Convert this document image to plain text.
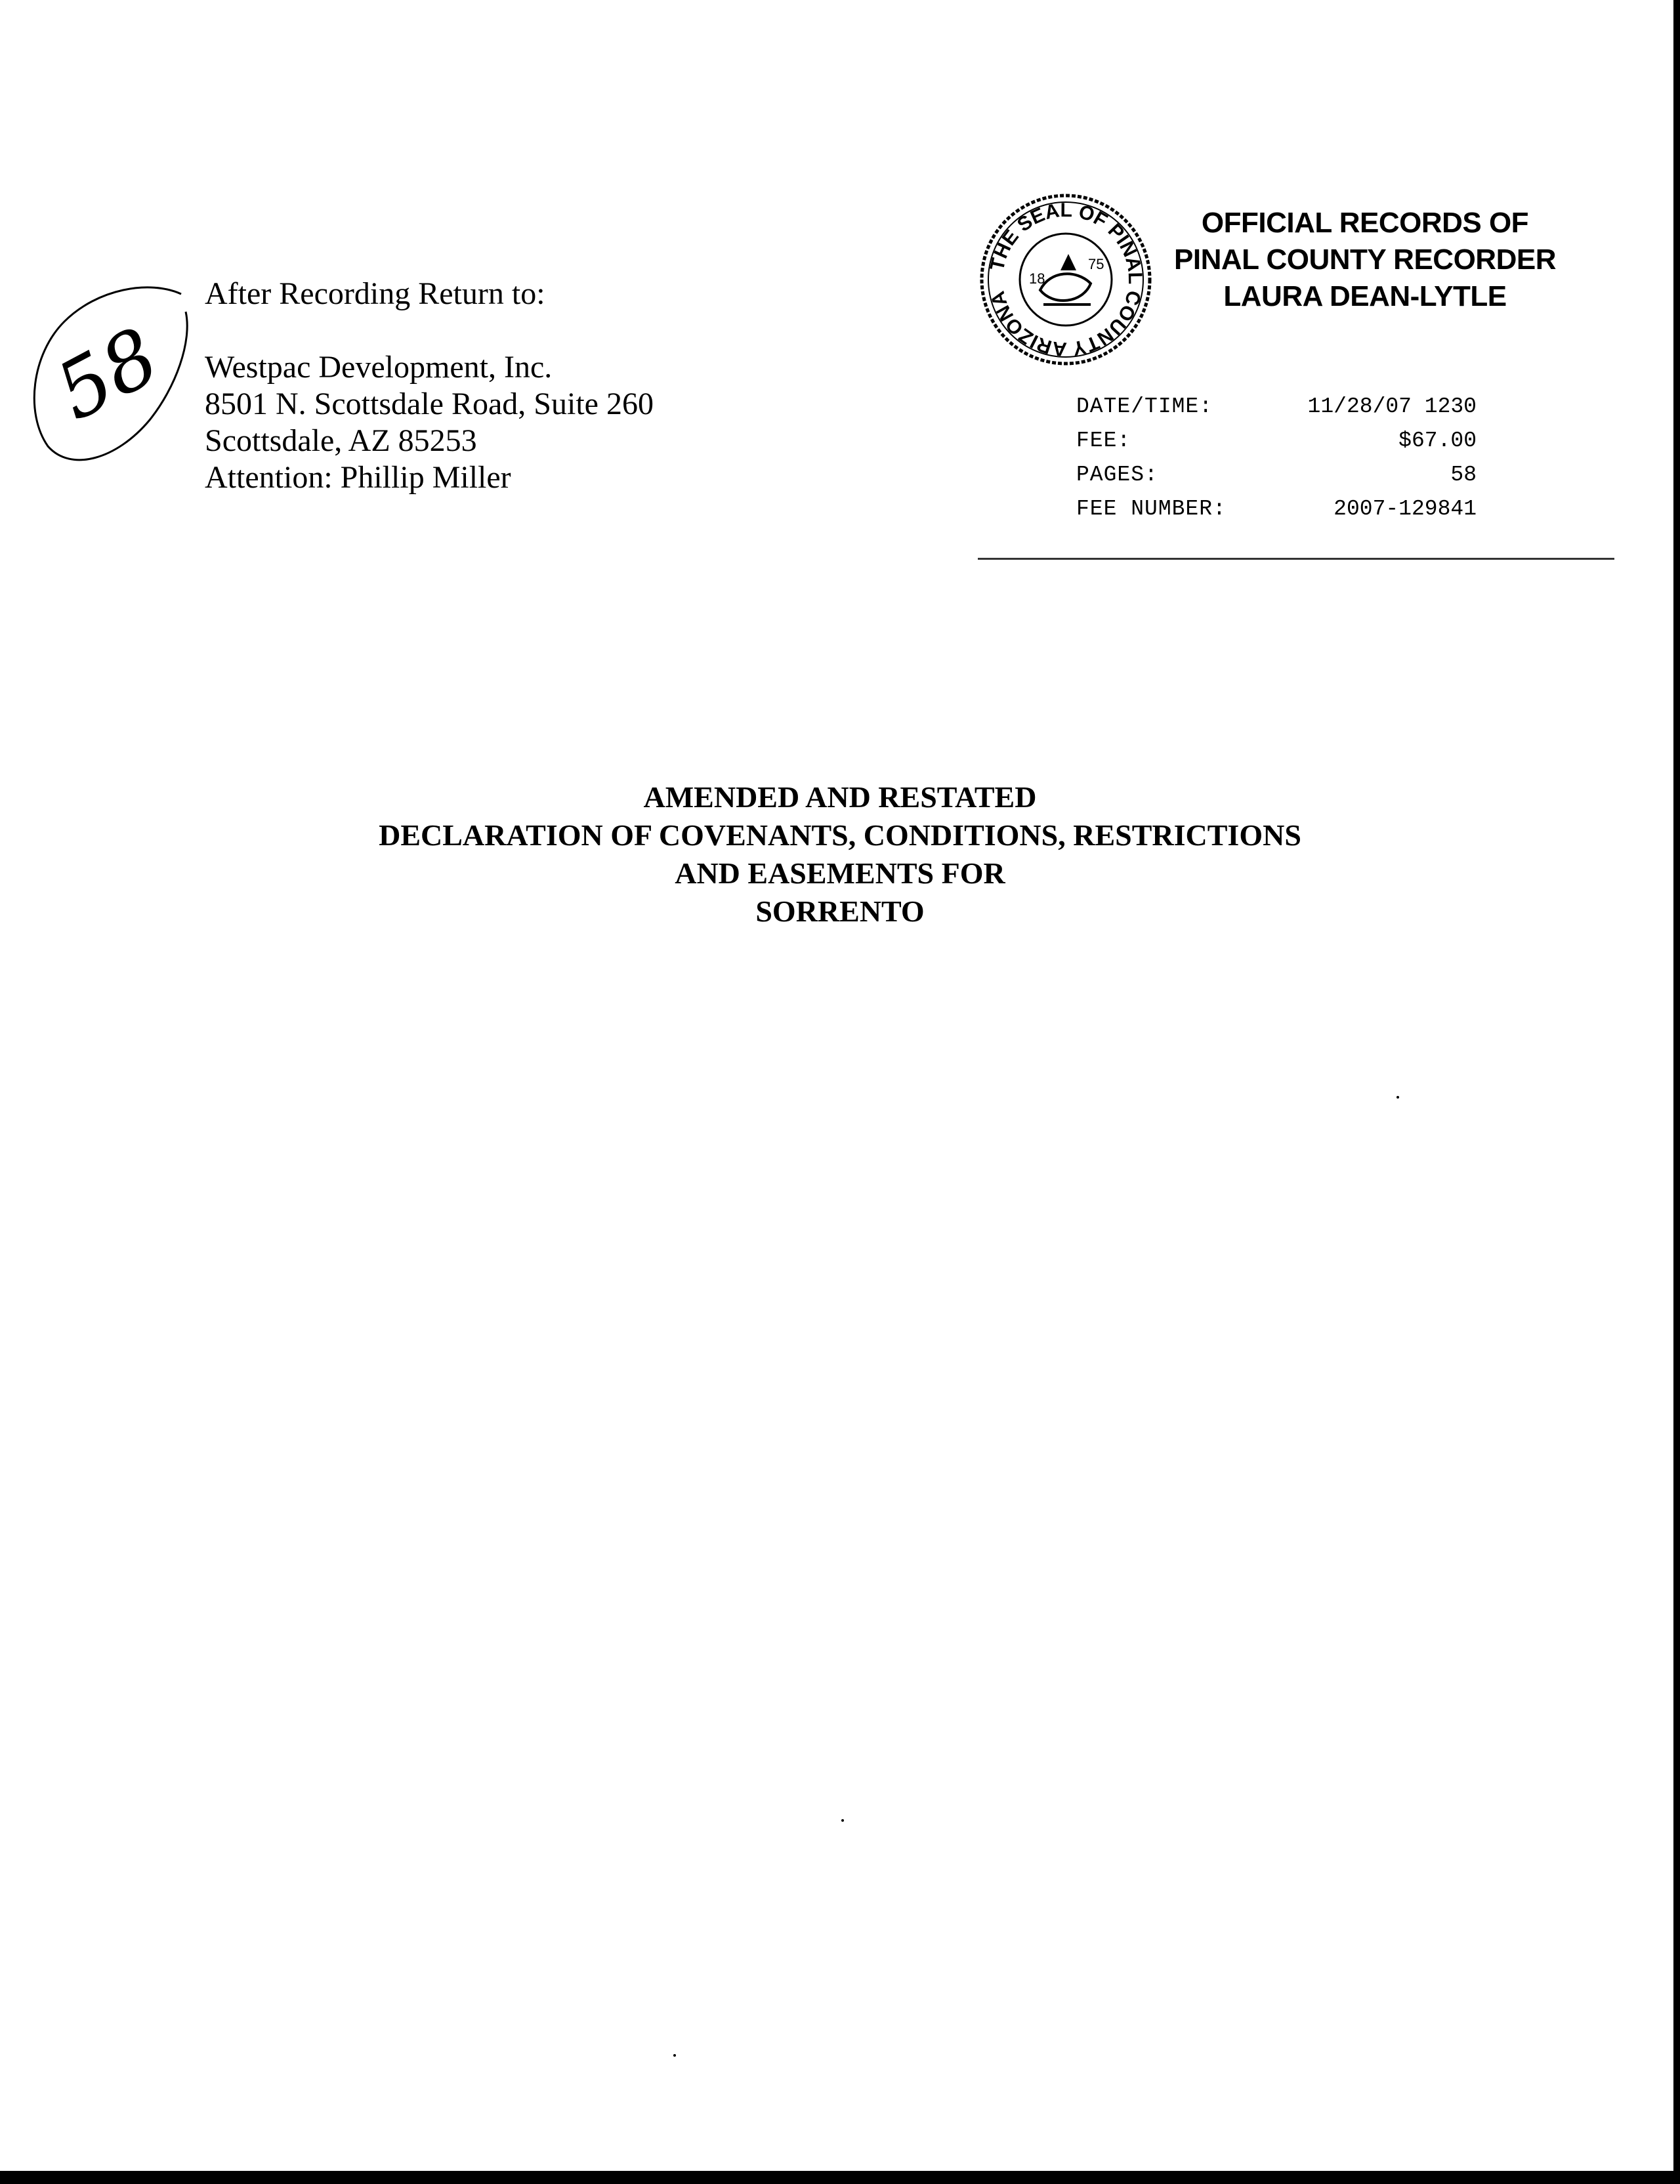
58
After Recording Return to:
Westpac Development, Inc.
8501 N. Scottsdale Road, Suite 260
Scottsdale, AZ 85253
Attention: Phillip Miller
THE SEAL OF PINAL COUNTY ARIZONA
18
75
OFFICIAL RECORDS OF
PINAL COUNTY RECORDER
LAURA DEAN-LYTLE
DATE/TIME:	11/28/07 1230
FEE:	$67.00
PAGES:	58
FEE NUMBER:	2007-129841
AMENDED AND RESTATED
DECLARATION OF COVENANTS, CONDITIONS, RESTRICTIONS
AND EASEMENTS FOR
SORRENTO
